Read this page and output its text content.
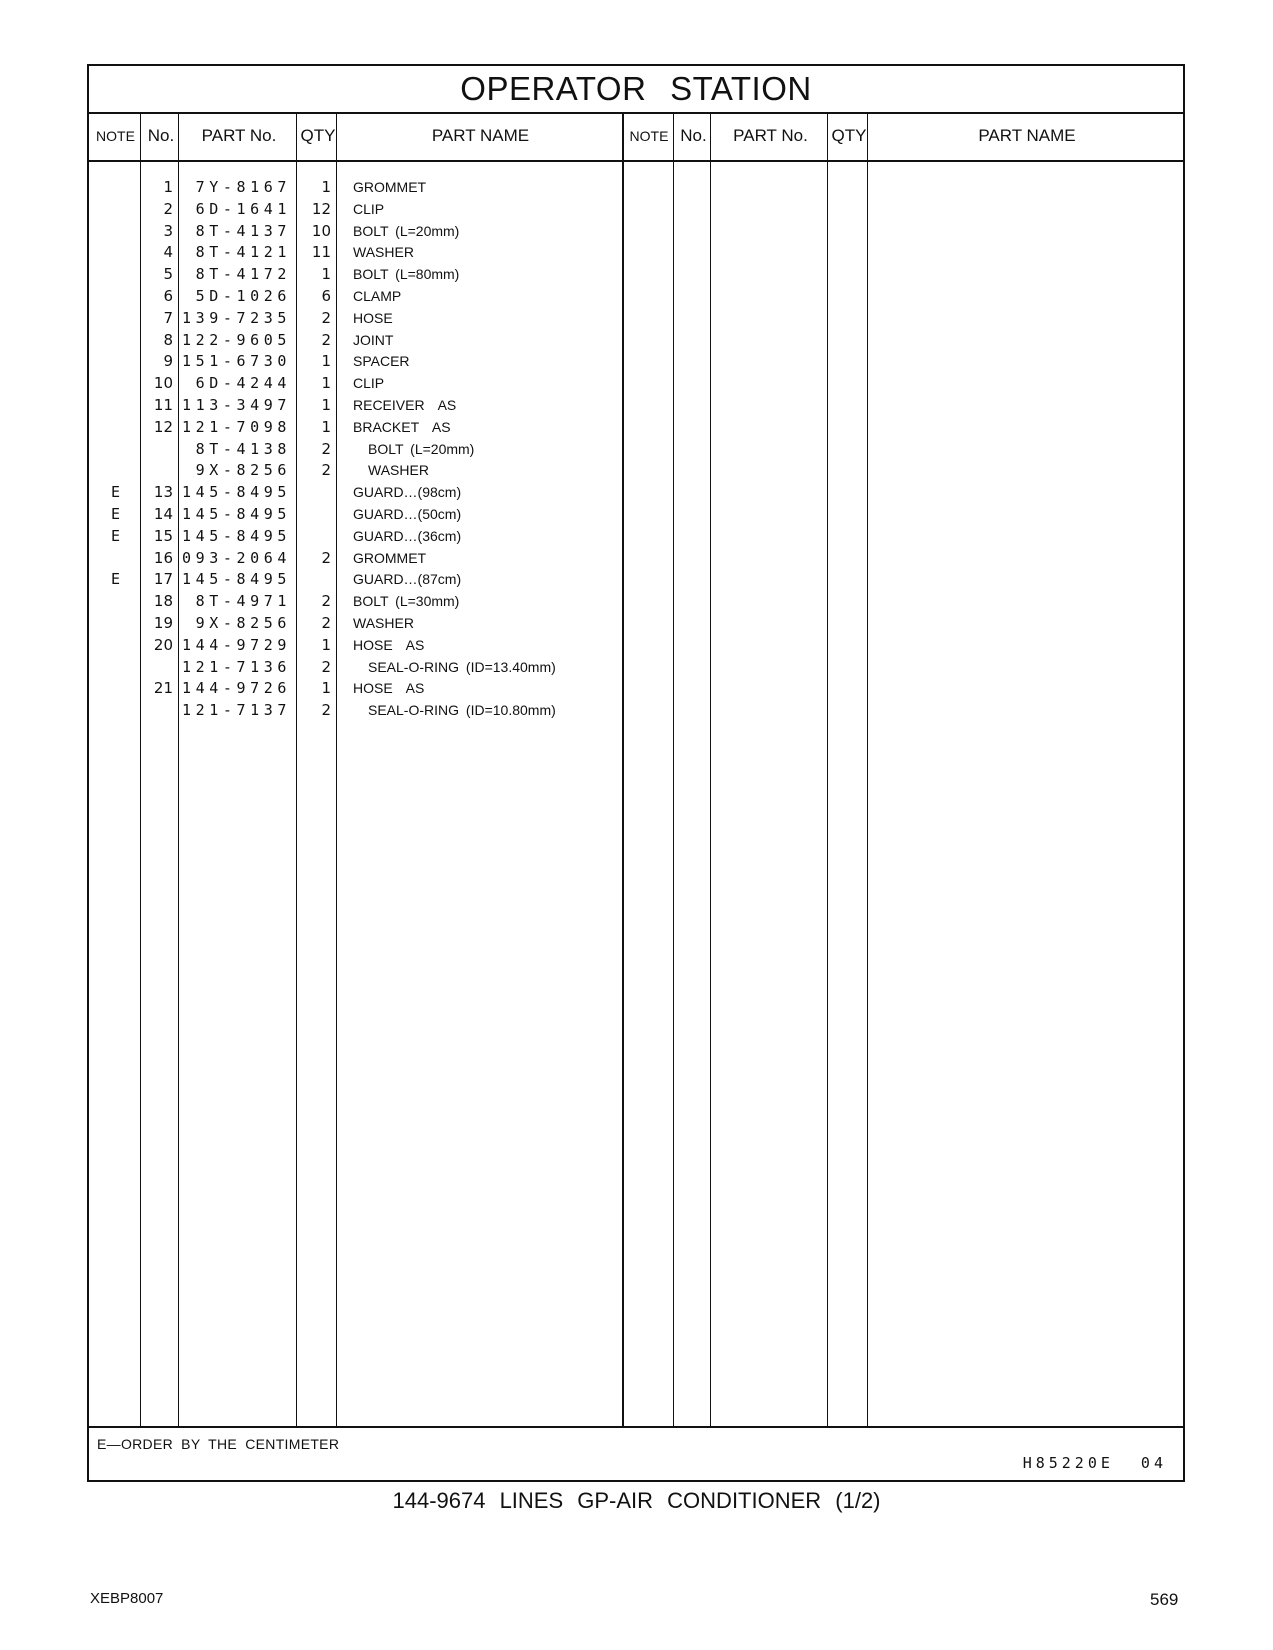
OPERATOR STATION
NOTE No.	PART No.	QTY	PART NAME	NOTE No.	PART No.	QTY	PART NAME
1	7Y-8167	1 GROMMET
2	6D-1641	12 CLIP
3	8T-4137	10 BOLT (L=20mm)
4	8T-4121	11 WASHER
5	8T-4172	1 BOLT (L=80mm)
6	5D-1026	6 CLAMP
7 139-7235	2 HOSE
8 122-9605	2 JOINT
9 151-6730	1 SPACER
10	6D-4244	1 CLIP
11 113-3497	1 RECEIVER  AS
12 121-7098	1 BRACKET  AS
8T-4138	2	BOLT (L=20mm)
9X-8256	2	WASHER
E	13 145-8495	GUARD…(98cm)
E	14 145-8495	GUARD…(50cm)
E	15 145-8495	GUARD…(36cm)
16 093-2064	2 GROMMET
E	17 145-8495	GUARD…(87cm)
18	8T-4971	2 BOLT (L=30mm)
19	9X-8256	2 WASHER
20 144-9729	1 HOSE  AS
121-7136	2	SEAL-O-RING (ID=13.40mm)
21 144-9726	1 HOSE  AS
121-7137	2	SEAL-O-RING (ID=10.80mm)
E—ORDER BY THE CENTIMETER
H85220E 04
144-9674 LINES GP-AIR CONDITIONER (1/2)
XEBP8007	569
